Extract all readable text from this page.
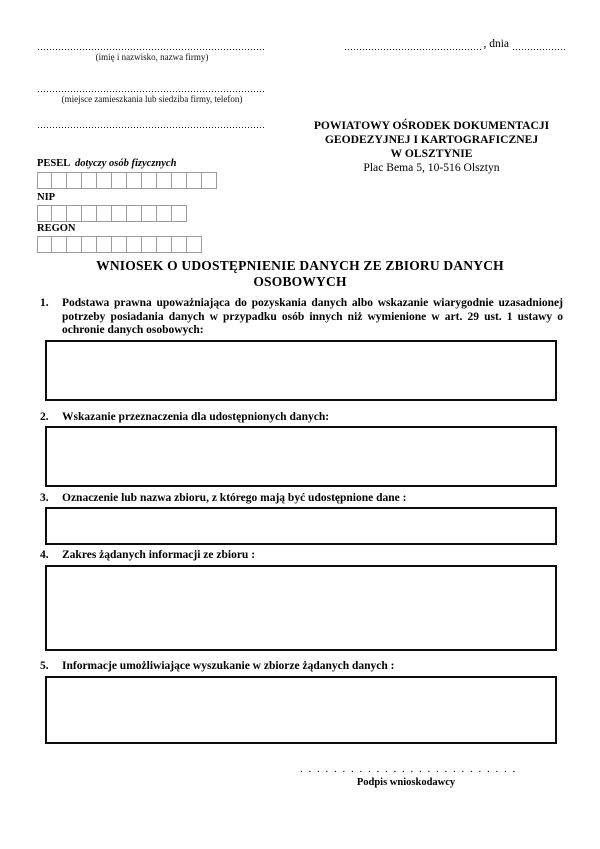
(imię i nazwisko, nazwa firmy)
(miejsce zamieszkania lub siedziba firmy, telefon)
, dnia
POWIATOWY OŚRODEK DOKUMENTACJI
GEODEZYJNEJ I KARTOGRAFICZNEJ
W OLSZTYNIE
Plac Bema 5, 10-516 Olsztyn
PESEL dotyczy osób fizycznych
NIP
REGON
WNIOSEK O UDOSTĘPNIENIE DANYCH ZE ZBIORU DANYCH OSOBOWYCH
1. Podstawa prawna upoważniająca do pozyskania danych albo wskazanie wiarygodnie uzasadnionej potrzeby posiadania danych w przypadku osób innych niż wymienione w art. 29 ust. 1 ustawy o ochronie danych osobowych:
2. Wskazanie przeznaczenia dla udostępnionych danych:
3. Oznaczenie lub nazwa zbioru, z którego mają być udostępnione dane :
4. Zakres żądanych informacji ze zbioru :
5. Informacje umożliwiające wyszukanie w zbiorze żądanych danych :
. . . . . . . . . . . . . . . . . . . . . . . . . .
Podpis wnioskodawcy
